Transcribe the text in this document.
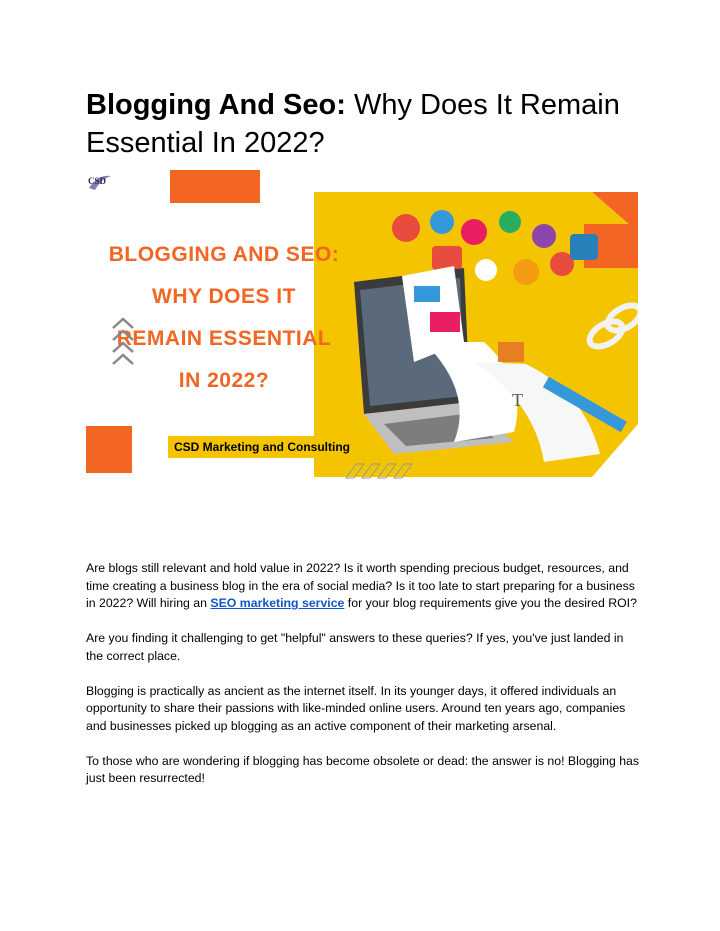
Blogging And Seo: Why Does It Remain Essential In 2022?
CSD
T
BLOGGING AND SEO:
WHY DOES IT
REMAIN ESSENTIAL
IN 2022?
CSD Marketing and Consulting

Are blogs still relevant and hold value in 2022? Is it worth spending precious budget, resources, and time creating a business blog in the era of social media? Is it too late to start preparing for a business in 2022? Will hiring an SEO marketing service for your blog requirements give you the desired ROI?

Are you finding it challenging to get "helpful" answers to these queries? If yes, you've just landed in the correct place.

Blogging is practically as ancient as the internet itself. In its younger days, it offered individuals an opportunity to share their passions with like-minded online users. Around ten years ago, companies and businesses picked up blogging as an active component of their marketing arsenal.

To those who are wondering if blogging has become obsolete or dead: the answer is no! Blogging has just been resurrected!
